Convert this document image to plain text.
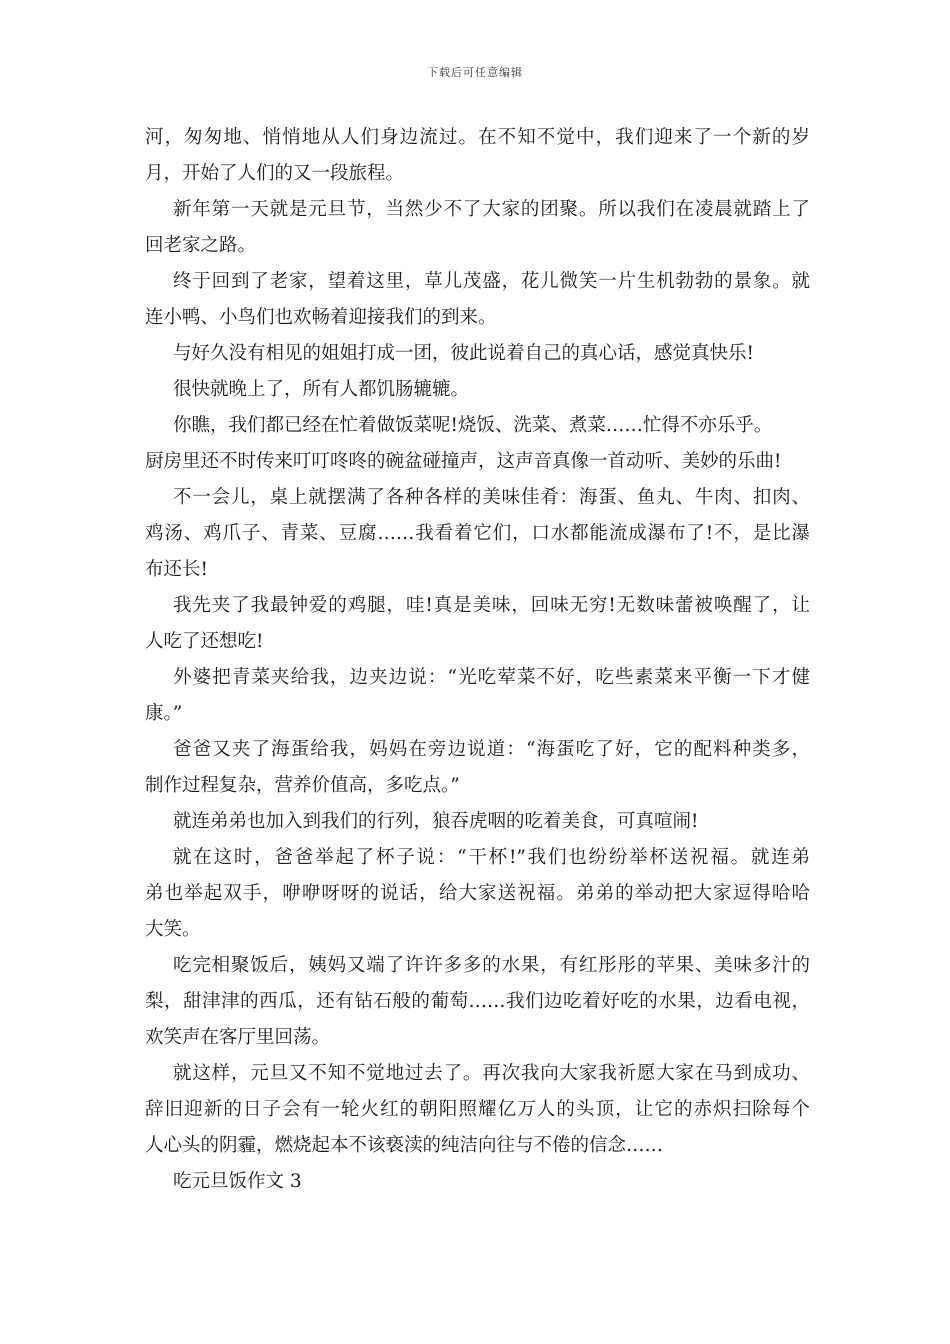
下载后可任意编辑
河，匆匆地、悄悄地从人们身边流过。在不知不觉中，我们迎来了一个新的岁
月，开始了人们的又一段旅程。
新年第一天就是元旦节，当然少不了大家的团聚。所以我们在凌晨就踏上了
回老家之路。
终于回到了老家，望着这里，草儿茂盛，花儿微笑一片生机勃勃的景象。就
连小鸭、小鸟们也欢畅着迎接我们的到来。
与好久没有相见的姐姐打成一团，彼此说着自己的真心话，感觉真快乐!
很快就晚上了，所有人都饥肠辘辘。
你瞧，我们都已经在忙着做饭菜呢!烧饭、洗菜、煮菜……忙得不亦乐乎。
厨房里还不时传来叮叮咚咚的碗盆碰撞声，这声音真像一首动听、美妙的乐曲!
不一会儿，桌上就摆满了各种各样的美味佳肴：海蛋、鱼丸、牛肉、扣肉、
鸡汤、鸡爪子、青菜、豆腐……我看着它们，口水都能流成瀑布了!不，是比瀑
布还长!
我先夹了我最钟爱的鸡腿，哇!真是美味，回味无穷!无数味蕾被唤醒了，让
人吃了还想吃!
外婆把青菜夹给我，边夹边说：“光吃荤菜不好，吃些素菜来平衡一下才健
康。”
爸爸又夹了海蛋给我，妈妈在旁边说道：“海蛋吃了好，它的配料种类多，
制作过程复杂，营养价值高，多吃点。”
就连弟弟也加入到我们的行列，狼吞虎咽的吃着美食，可真喧闹!
就在这时，爸爸举起了杯子说：“干杯!”我们也纷纷举杯送祝福。就连弟
弟也举起双手，咿咿呀呀的说话，给大家送祝福。弟弟的举动把大家逗得哈哈
大笑。
吃完相聚饭后，姨妈又端了许许多多的水果，有红彤彤的苹果、美味多汁的
梨，甜津津的西瓜，还有钻石般的葡萄……我们边吃着好吃的水果，边看电视，
欢笑声在客厅里回荡。
就这样，元旦又不知不觉地过去了。再次我向大家我祈愿大家在马到成功、
辞旧迎新的日子会有一轮火红的朝阳照耀亿万人的头顶，让它的赤炽扫除每个
人心头的阴霾，燃烧起本不该亵渎的纯洁向往与不倦的信念……
吃元旦饭作文 3
